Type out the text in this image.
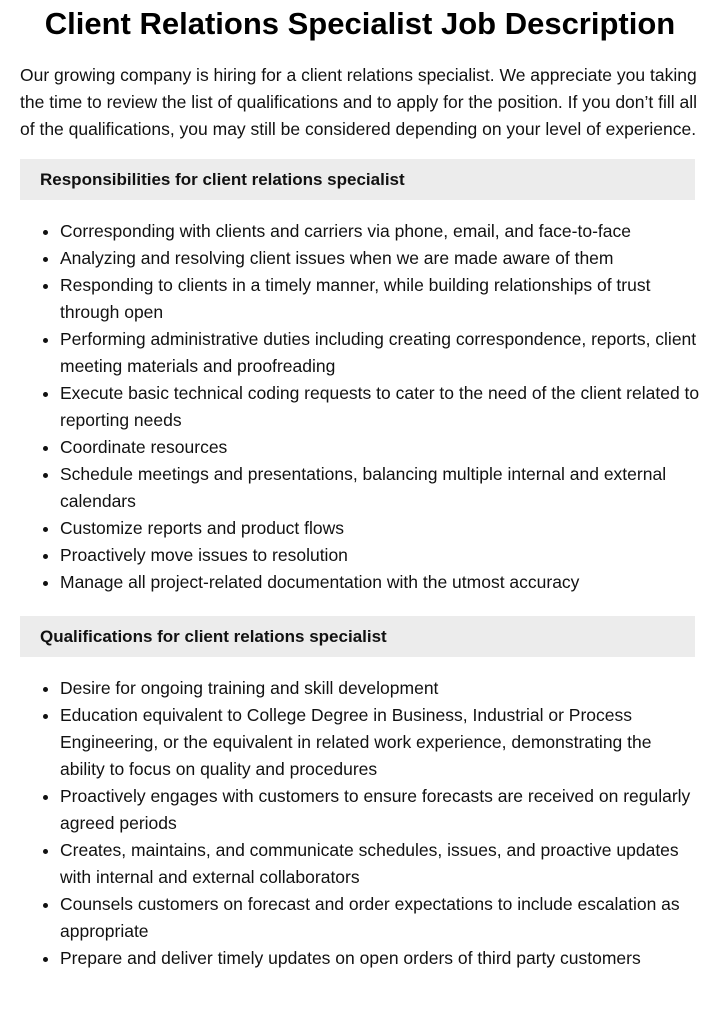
Client Relations Specialist Job Description

Our growing company is hiring for a client relations specialist. We appreciate you taking the time to review the list of qualifications and to apply for the position. If you don’t fill all of the qualifications, you may still be considered depending on your level of experience.

Responsibilities for client relations specialist
• Corresponding with clients and carriers via phone, email, and face-to-face
• Analyzing and resolving client issues when we are made aware of them
• Responding to clients in a timely manner, while building relationships of trust through open
• Performing administrative duties including creating correspondence, reports, client meeting materials and proofreading
• Execute basic technical coding requests to cater to the need of the client related to reporting needs
• Coordinate resources
• Schedule meetings and presentations, balancing multiple internal and external calendars
• Customize reports and product flows
• Proactively move issues to resolution
• Manage all project-related documentation with the utmost accuracy
Qualifications for client relations specialist
• Desire for ongoing training and skill development
• Education equivalent to College Degree in Business, Industrial or Process Engineering, or the equivalent in related work experience, demonstrating the ability to focus on quality and procedures
• Proactively engages with customers to ensure forecasts are received on regularly agreed periods
• Creates, maintains, and communicate schedules, issues, and proactive updates with internal and external collaborators
• Counsels customers on forecast and order expectations to include escalation as appropriate
• Prepare and deliver timely updates on open orders of third party customers
